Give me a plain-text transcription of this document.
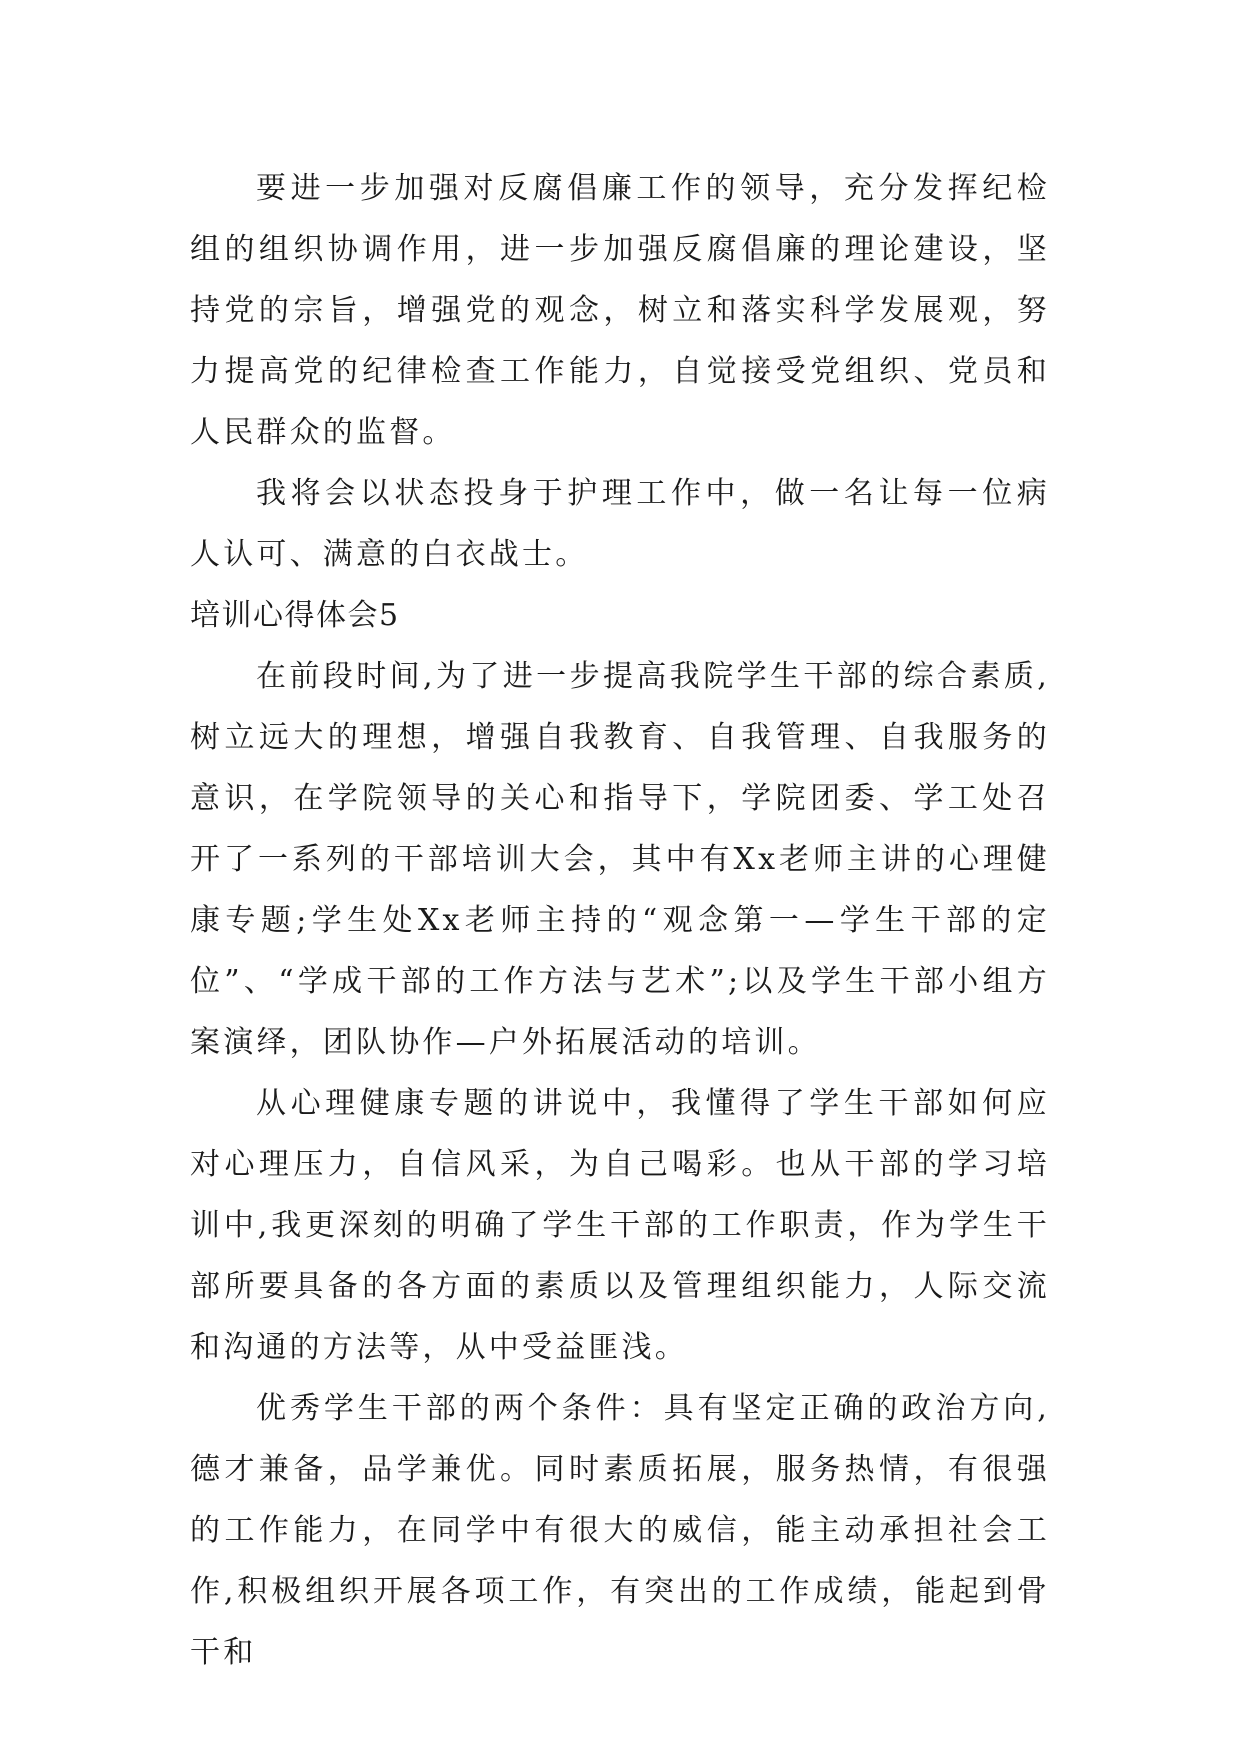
要进一步加强对反腐倡廉工作的领导，充分发挥纪检组的组织协调作用，进一步加强反腐倡廉的理论建设，坚持党的宗旨，增强党的观念，树立和落实科学发展观，努力提高党的纪律检查工作能力，自觉接受党组织、党员和人民群众的监督。

我将会以状态投身于护理工作中，做一名让每一位病人认可、满意的白衣战士。

培训心得体会5

在前段时间,为了进一步提高我院学生干部的综合素质,树立远大的理想，增强自我教育、自我管理、自我服务的意识，在学院领导的关心和指导下，学院团委、学工处召开了一系列的干部培训大会，其中有Xx老师主讲的心理健康专题;学生处Xx老师主持的“观念第一—学生干部的定位”、“学成干部的工作方法与艺术”;以及学生干部小组方案演绎，团队协作—户外拓展活动的培训。

从心理健康专题的讲说中，我懂得了学生干部如何应对心理压力，自信风采，为自己喝彩。也从干部的学习培训中,我更深刻的明确了学生干部的工作职责，作为学生干部所要具备的各方面的素质以及管理组织能力，人际交流和沟通的方法等，从中受益匪浅。

优秀学生干部的两个条件：具有坚定正确的政治方向,德才兼备，品学兼优。同时素质拓展，服务热情，有很强的工作能力，在同学中有很大的威信，能主动承担社会工作,积极组织开展各项工作，有突出的工作成绩，能起到骨干和
